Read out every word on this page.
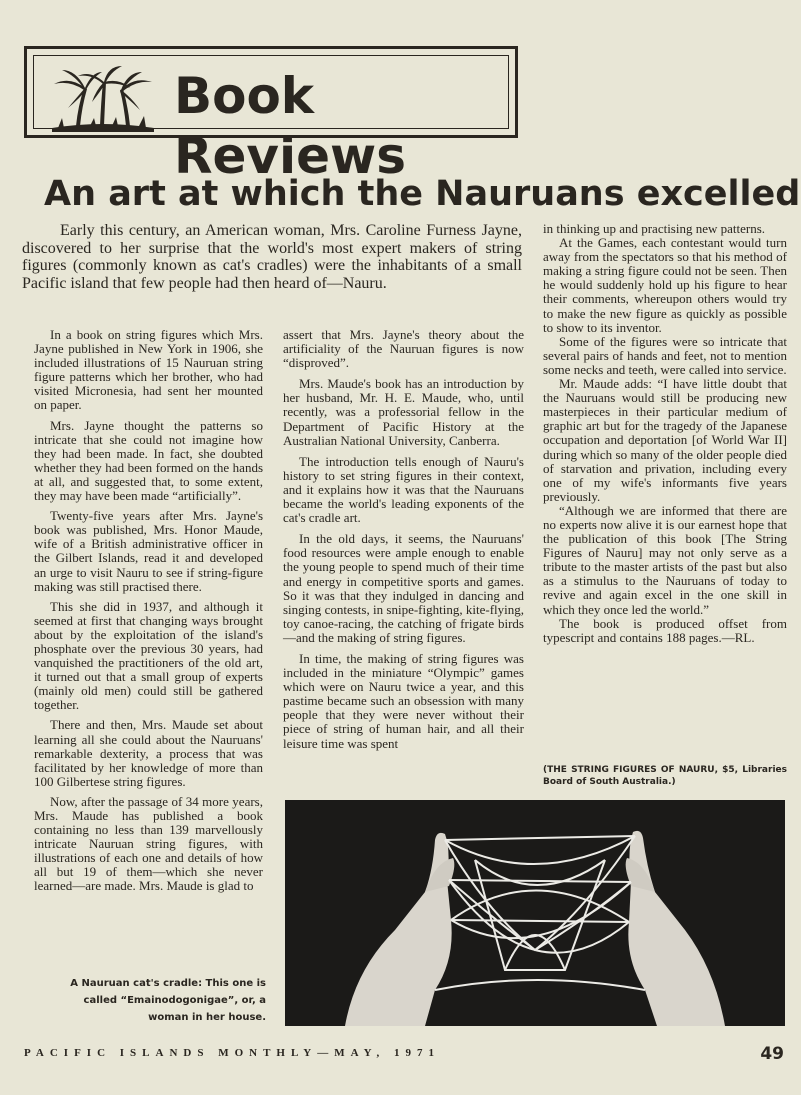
Book Reviews
An art at which the Nauruans excelled

Early this century, an American woman, Mrs. Caroline Furness Jayne, discovered to her surprise that the world's most expert makers of string figures (commonly known as cat's cradles) were the inhabitants of a small Pacific island that few people had then heard of—Nauru.

In a book on string figures which Mrs. Jayne published in New York in 1906, she included illustrations of 15 Nauruan string figure patterns which her brother, who had visited Micronesia, had sent her mounted on paper.

Mrs. Jayne thought the patterns so intricate that she could not imagine how they had been made. In fact, she doubted whether they had been formed on the hands at all, and suggested that, to some extent, they may have been made “artificially”.

Twenty-five years after Mrs. Jayne's book was published, Mrs. Honor Maude, wife of a British administrative officer in the Gilbert Islands, read it and developed an urge to visit Nauru to see if string-figure making was still practised there.

This she did in 1937, and although it seemed at first that changing ways brought about by the exploitation of the island's phosphate over the previous 30 years, had vanquished the practitioners of the old art, it turned out that a small group of experts (mainly old men) could still be gathered together.

There and then, Mrs. Maude set about learning all she could about the Nauruans' remarkable dexterity, a process that was facilitated by her knowledge of more than 100 Gilbertese string figures.

Now, after the passage of 34 more years, Mrs. Maude has published a book containing no less than 139 marvellously intricate Nauruan string figures, with illustrations of each one and details of how all but 19 of them—which she never learned—are made. Mrs. Maude is glad to

assert that Mrs. Jayne's theory about the artificiality of the Nauruan figures is now “disproved”.

Mrs. Maude's book has an introduction by her husband, Mr. H. E. Maude, who, until recently, was a professorial fellow in the Department of Pacific History at the Australian National University, Canberra.

The introduction tells enough of Nauru's history to set string figures in their context, and it explains how it was that the Nauruans became the world's leading exponents of the cat's cradle art.

In the old days, it seems, the Nauruans' food resources were ample enough to enable the young people to spend much of their time and energy in competitive sports and games. So it was that they indulged in dancing and singing contests, in snipe-fighting, kite-flying, toy canoe-racing, the catching of frigate birds—and the making of string figures.

In time, the making of string figures was included in the miniature “Olympic” games which were on Nauru twice a year, and this pastime became such an obsession with many people that they were never without their piece of string of human hair, and all their leisure time was spent

in thinking up and practising new patterns.

At the Games, each contestant would turn away from the spectators so that his method of making a string figure could not be seen. Then he would suddenly hold up his figure to hear their comments, whereupon others would try to make the new figure as quickly as possible to show to its inventor.

Some of the figures were so intricate that several pairs of hands and feet, not to mention some necks and teeth, were called into service.

Mr. Maude adds: “I have little doubt that the Nauruans would still be producing new masterpieces in their particular medium of graphic art but for the tragedy of the Japanese occupation and deportation [of World War II] during which so many of the older people died of starvation and privation, including every one of my wife's informants five years previously.

“Although we are informed that there are no experts now alive it is our earnest hope that the publication of this book [The String Figures of Nauru] may not only serve as a tribute to the master artists of the past but also as a stimulus to the Nauruans of today to revive and again excel in the one skill in which they once led the world.”

The book is produced offset from typescript and contains 188 pages.—RL.

(THE STRING FIGURES OF NAURU, $5, Libraries Board of South Australia.)
A Nauruan cat's cradle: This one is called “Emainodogonigae”, or, a woman in her house.
PACIFIC ISLANDS MONTHLY—MAY, 1971	49
